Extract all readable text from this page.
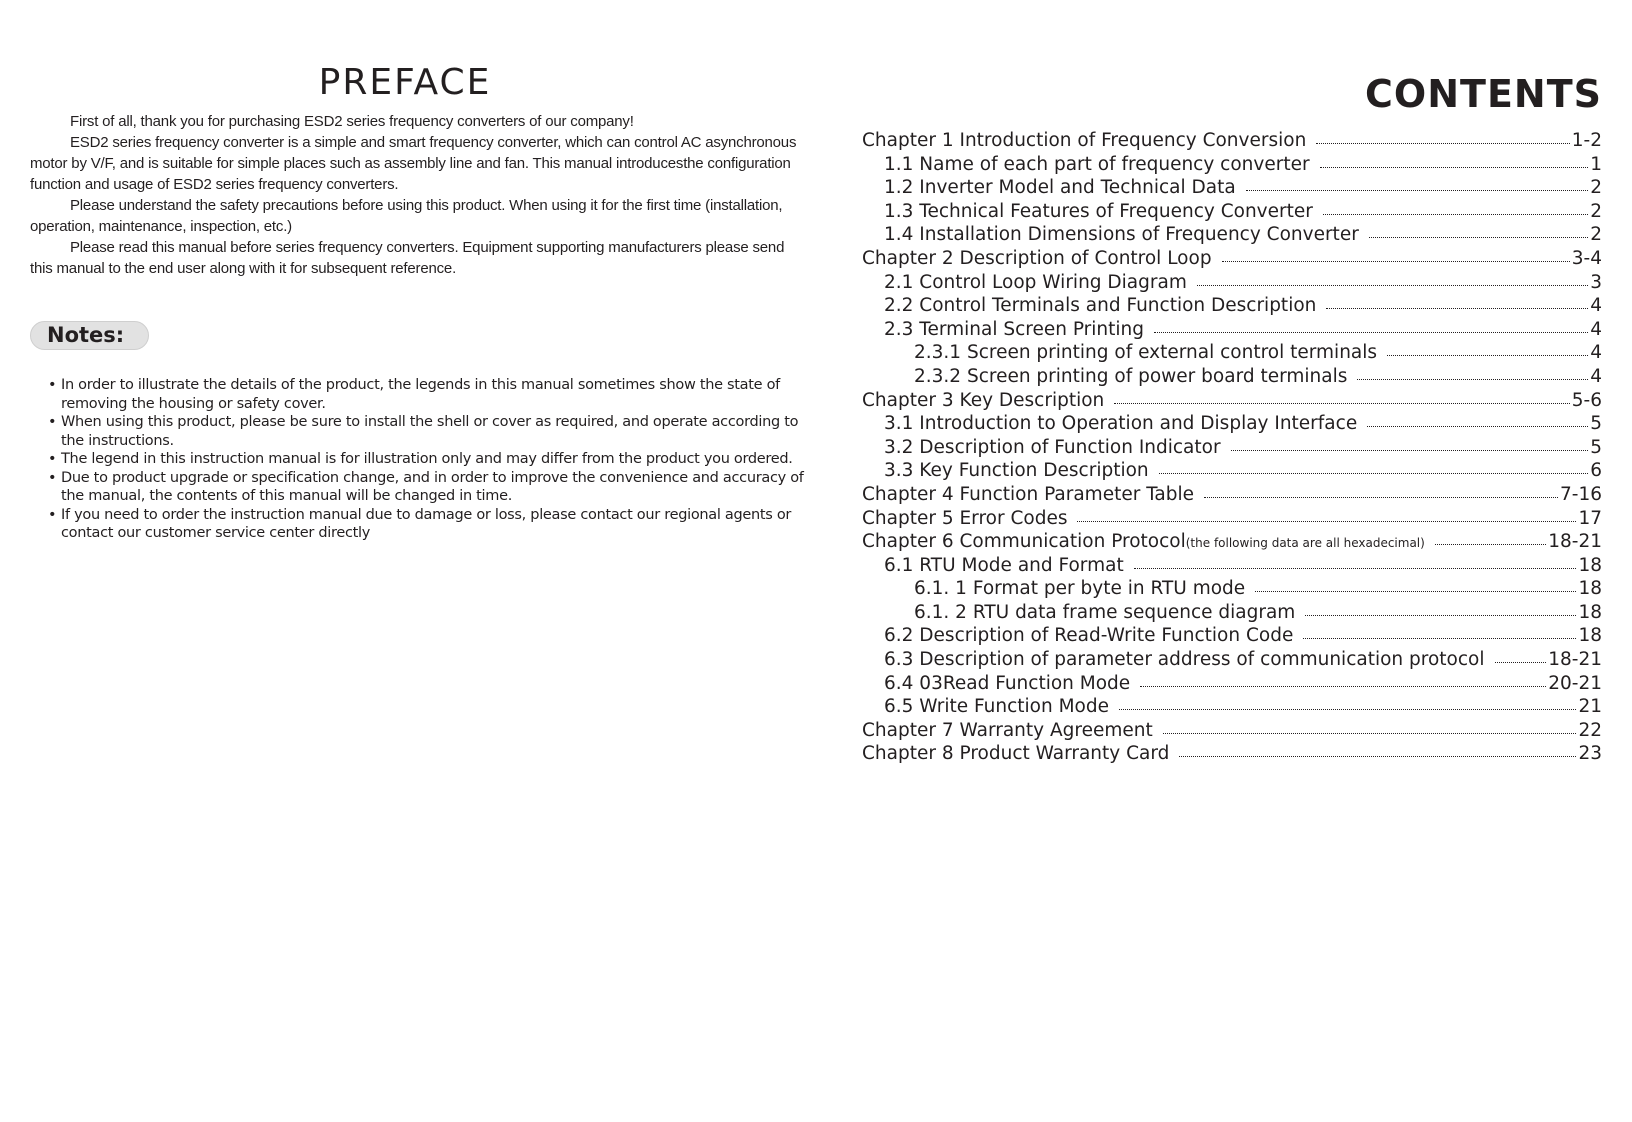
PREFACE

First of all, thank you for purchasing ESD2 series frequency converters of our company!

ESD2 series frequency converter is a simple and smart frequency converter, which can control AC asynchronous motor by V/F, and is suitable for simple places such as assembly line and fan. This manual introducesthe configuration function and usage of ESD2 series frequency converters.

Please understand the safety precautions before using this product. When using it for the first time (installation, operation, maintenance, inspection, etc.)

Please read this manual before series frequency converters. Equipment supporting manufacturers please send this manual to the end user along with it for subsequent reference.

Notes:
• In order to illustrate the details of the product, the legends in this manual sometimes show the state of removing the housing or safety cover.
• When using this product, please be sure to install the shell or cover as required, and operate according to the instructions.
• The legend in this instruction manual is for illustration only and may differ from the product you ordered.
• Due to product upgrade or specification change, and in order to improve the convenience and accuracy of the manual, the contents of this manual will be changed in time.
• If you need to order the instruction manual due to damage or loss, please contact our regional agents or contact our customer service center directly
CONTENTS
Chapter 1 Introduction of Frequency Conversion	1-2
1.1 Name of each part of frequency converter	1
1.2 Inverter Model and Technical Data	2
1.3 Technical Features of Frequency Converter	2
1.4 Installation Dimensions of Frequency Converter	2
Chapter 2 Description of Control Loop	3-4
2.1 Control Loop Wiring Diagram	3
2.2 Control Terminals and Function Description	4
2.3 Terminal Screen Printing	4
2.3.1 Screen printing of external control terminals	4
2.3.2 Screen printing of power board terminals	4
Chapter 3 Key Description	5-6
3.1 Introduction to Operation and Display Interface	5
3.2 Description of Function Indicator	5
3.3 Key Function Description	6
Chapter 4 Function Parameter Table	7-16
Chapter 5 Error Codes	17
Chapter 6 Communication Protocol (the following data are all hexadecimal)	18-21
6.1 RTU Mode and Format	18
6.1. 1 Format per byte in RTU mode	18
6.1. 2 RTU data frame sequence diagram	18
6.2 Description of Read-Write Function Code	18
6.3 Description of parameter address of communication protocol	18-21
6.4 03Read Function Mode	20-21
6.5 Write Function Mode	21
Chapter 7 Warranty Agreement	22
Chapter 8 Product Warranty Card	23
